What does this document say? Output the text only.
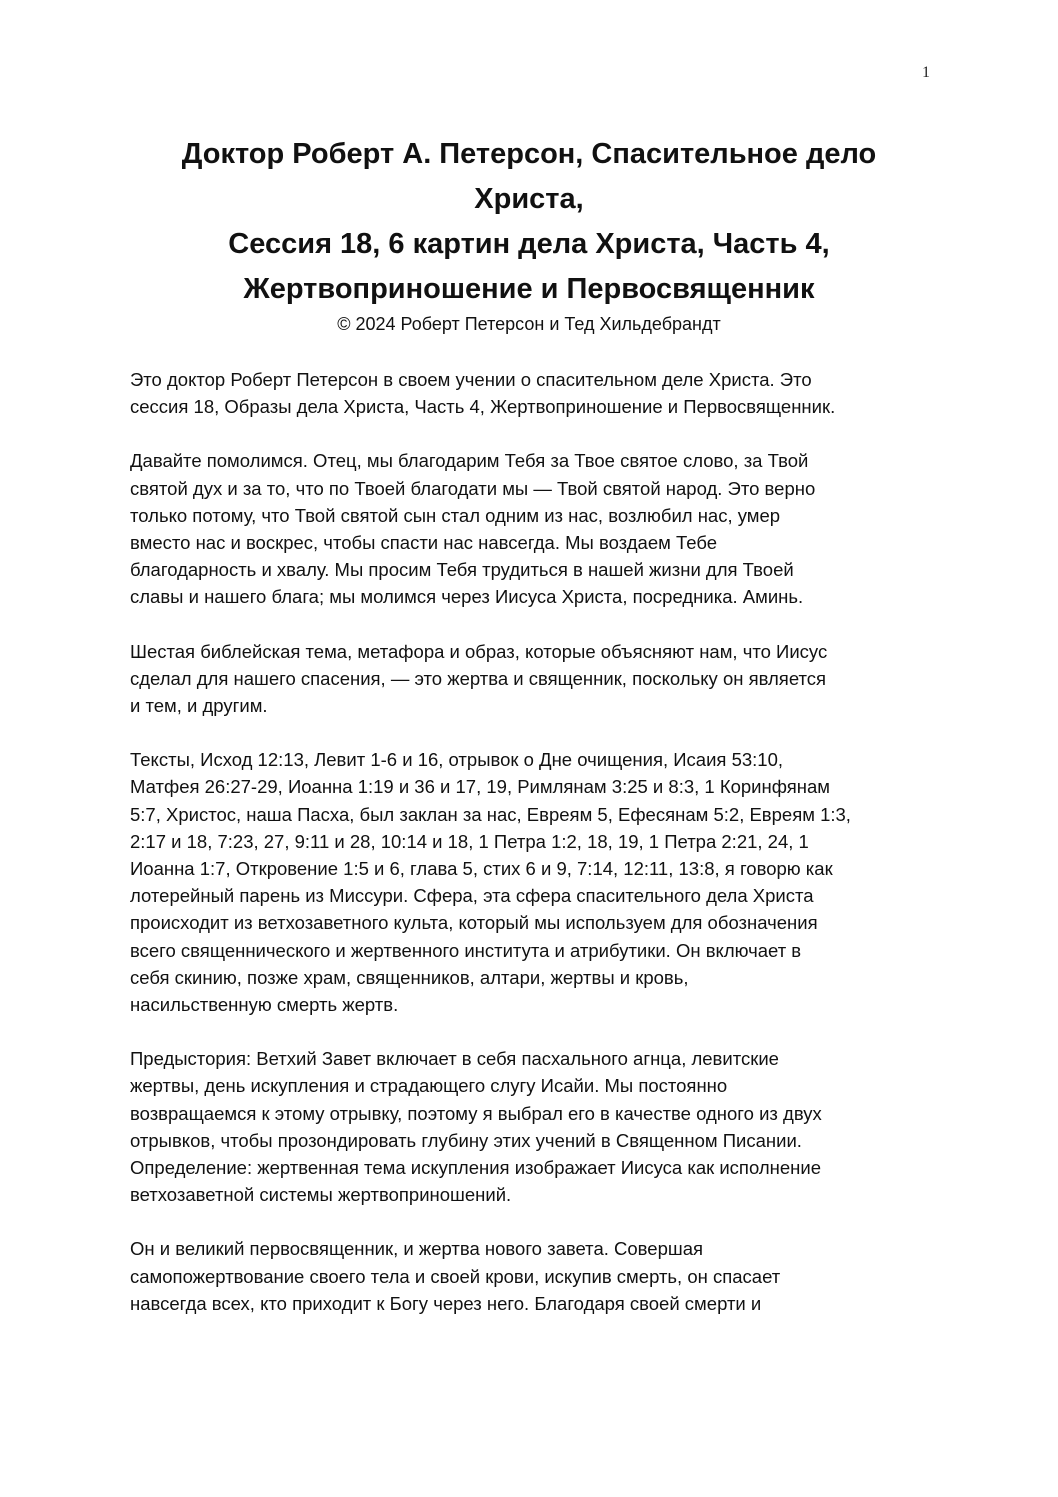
1
Доктор Роберт А. Петерсон, Спасительное дело
Христа,
Сессия 18, 6 картин дела Христа, Часть 4,
Жертвоприношение и Первосвященник
© 2024 Роберт Петерсон и Тед Хильдебрандт
Это доктор Роберт Петерсон в своем учении о спасительном деле Христа. Это
сессия 18, Образы дела Христа, Часть 4, Жертвоприношение и Первосвященник.
Давайте помолимся. Отец, мы благодарим Тебя за Твое святое слово, за Твой
святой дух и за то, что по Твоей благодати мы — Твой святой народ. Это верно
только потому, что Твой святой сын стал одним из нас, возлюбил нас, умер
вместо нас и воскрес, чтобы спасти нас навсегда. Мы воздаем Тебе
благодарность и хвалу. Мы просим Тебя трудиться в нашей жизни для Твоей
славы и нашего блага; мы молимся через Иисуса Христа, посредника. Аминь.
Шестая библейская тема, метафора и образ, которые объясняют нам, что Иисус
сделал для нашего спасения, — это жертва и священник, поскольку он является
и тем, и другим.
Тексты, Исход 12:13, Левит 1-6 и 16, отрывок о Дне очищения, Исаия 53:10,
Матфея 26:27-29, Иоанна 1:19 и 36 и 17, 19, Римлянам 3:25 и 8:3, 1 Коринфянам
5:7, Христос, наша Пасха, был заклан за нас, Евреям 5, Ефесянам 5:2, Евреям 1:3,
2:17 и 18, 7:23, 27, 9:11 и 28, 10:14 и 18, 1 Петра 1:2, 18, 19, 1 Петра 2:21, 24, 1
Иоанна 1:7, Откровение 1:5 и 6, глава 5, стих 6 и 9, 7:14, 12:11, 13:8, я говорю как
лотерейный парень из Миссури. Сфера, эта сфера спасительного дела Христа
происходит из ветхозаветного культа, который мы используем для обозначения
всего священнического и жертвенного института и атрибутики. Он включает в
себя скинию, позже храм, священников, алтари, жертвы и кровь,
насильственную смерть жертв.
Предыстория: Ветхий Завет включает в себя пасхального агнца, левитские
жертвы, день искупления и страдающего слугу Исайи. Мы постоянно
возвращаемся к этому отрывку, поэтому я выбрал его в качестве одного из двух
отрывков, чтобы прозондировать глубину этих учений в Священном Писании.
Определение: жертвенная тема искупления изображает Иисуса как исполнение
ветхозаветной системы жертвоприношений.
Он и великий первосвященник, и жертва нового завета. Совершая
самопожертвование своего тела и своей крови, искупив смерть, он спасает
навсегда всех, кто приходит к Богу через него. Благодаря своей смерти и
